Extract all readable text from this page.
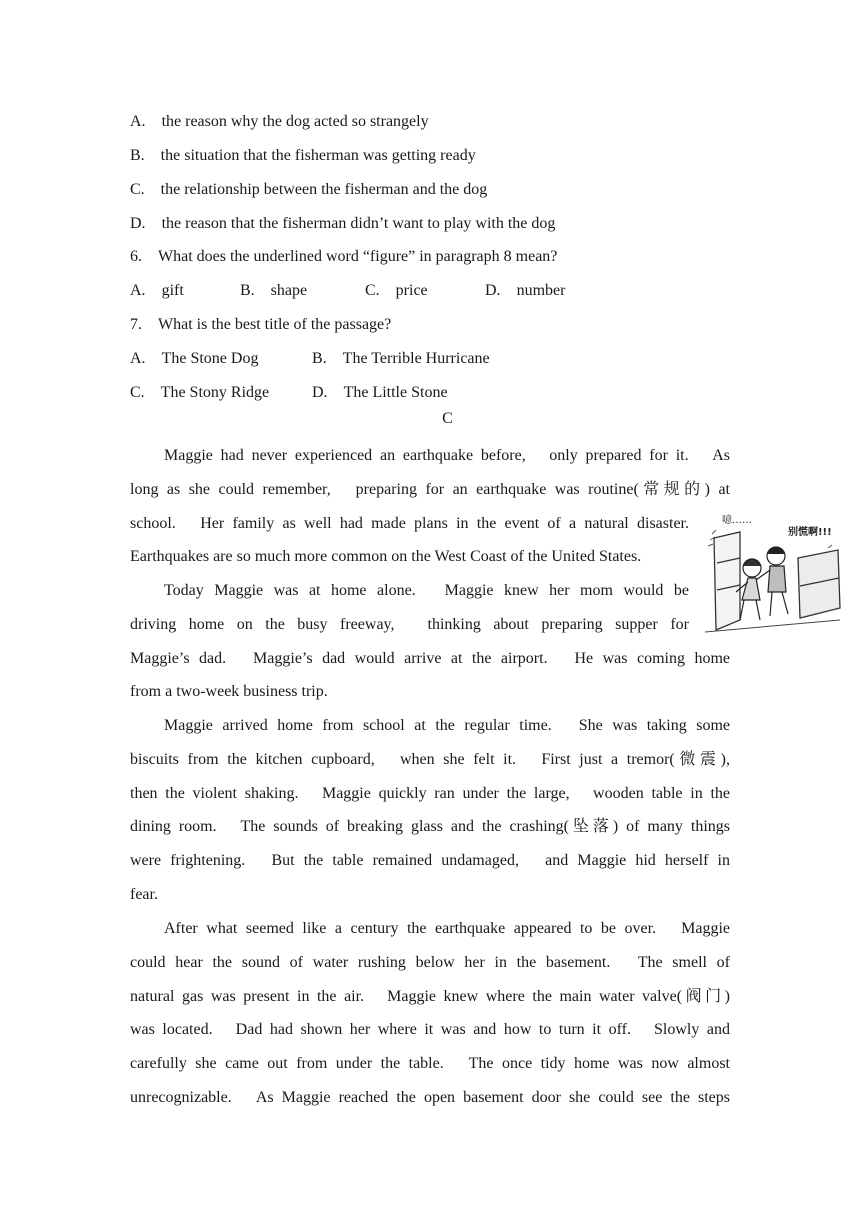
A. the reason why the dog acted so strangely
B. the situation that the fisherman was getting ready
C. the relationship between the fisherman and the dog
D. the reason that the fisherman didn’t want to play with the dog
6. What does the underlined word “figure” in paragraph 8 mean?
A. gift	B. shape	C. price	D. number
7. What is the best title of the passage?
A. The Stone Dog	B. The Terrible Hurricane
C. The Stony Ridge	D. The Little Stone
C
Maggie had never experienced an earthquake before,　only prepared for it.　As
long as she could remember,　preparing for an earthquake was routine(常规的) at
school.　Her family as well had made plans in the event of a natural disaster.
Earthquakes are so much more common on the West Coast of the United States.
Today Maggie was at home alone.　Maggie knew her mom would be
driving home on the busy freeway,　thinking about preparing supper for
Maggie’s dad.　Maggie’s dad would arrive at the airport.　He was coming home
from a two-week business trip.
Maggie arrived home from school at the regular time.　She was taking some
biscuits from the kitchen cupboard,　when she felt it.　First just a tremor(微震),
then the violent shaking.　Maggie quickly ran under the large,　wooden table in the
dining room.　The sounds of breaking glass and the crashing(坠落) of many things
were frightening.　But the table remained undamaged,　and Maggie hid herself in
fear.
After what seemed like a century the earthquake appeared to be over.　Maggie
could hear the sound of water rushing below her in the basement.　The smell of
natural gas was present in the air.　Maggie knew where the main water valve(阀门)
was located.　Dad had shown her where it was and how to turn it off.　Slowly and
carefully she came out from under the table.　The once tidy home was now almost
unrecognizable.　As Maggie reached the open basement door she could see the steps
噫……
别慌啊!!!
